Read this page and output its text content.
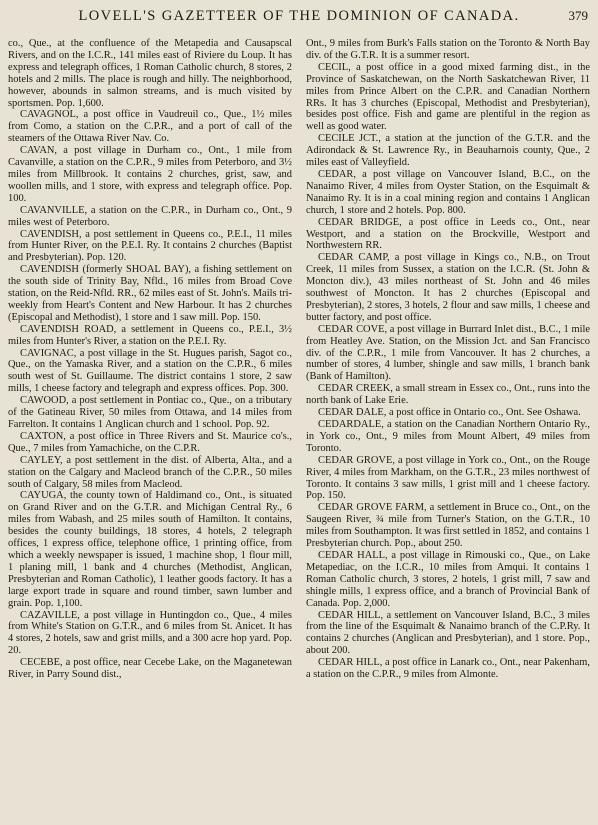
LOVELL'S GAZETTEER OF THE DOMINION OF CANADA.	379

co., Que., at the confluence of the Metapedia and Causapscal Rivers, and on the I.C.R., 141 miles east of Riviere du Loup. It has express and telegraph offices, 1 Roman Catholic church, 8 stores, 2 hotels and 2 mills. The place is rough and hilly. The neighborhood, however, abounds in salmon streams, and is much visited by sportsmen. Pop. 1,600.

CAVAGNOL, a post office in Vaudreuil co., Que., 1½ miles from Como, a station on the C.P.R., and a port of call of the steamers of the Ottawa River Nav. Co.

CAVAN, a post village in Durham co., Ont., 1 mile from Cavanville, a station on the C.P.R., 9 miles from Peterboro, and 3½ miles from Millbrook. It contains 2 churches, grist, saw, and woollen mills, and 1 store, with express and telegraph office. Pop. 100.

CAVANVILLE, a station on the C.P.R., in Durham co., Ont., 9 miles west of Peterboro.

CAVENDISH, a post settlement in Queens co., P.E.I., 11 miles from Hunter River, on the P.E.I. Ry. It contains 2 churches (Baptist and Presbyterian). Pop. 120.

CAVENDISH (formerly SHOAL BAY), a fishing settlement on the south side of Trinity Bay, Nfld., 16 miles from Broad Cove station, on the Reid-Nfld. RR., 62 miles east of St. John's. Mails tri-weekly from Heart's Content and New Harbour. It has 2 churches (Episcopal and Methodist), 1 store and 1 saw mill. Pop. 150.

CAVENDISH ROAD, a settlement in Queens co., P.E.I., 3½ miles from Hunter's River, a station on the P.E.I. Ry.

CAVIGNAC, a post village in the St. Hugues parish, Sagot co., Que., on the Yamaska River, and a station on the C.P.R., 6 miles south west of St. Guillaume. The district contains 1 store, 2 saw mills, 1 cheese factory and telegraph and express offices. Pop. 300.

CAWOOD, a post settlement in Pontiac co., Que., on a tributary of the Gatineau River, 50 miles from Ottawa, and 14 miles from Farrelton. It contains 1 Anglican church and 1 school. Pop. 92.

CAXTON, a post office in Three Rivers and St. Maurice co's., Que., 7 miles from Yamachiche, on the C.P.R.

CAYLEY, a post settlement in the dist. of Alberta, Alta., and a station on the Calgary and Macleod branch of the C.P.R., 50 miles south of Calgary, 58 miles from Macleod.

CAYUGA, the county town of Haldimand co., Ont., is situated on Grand River and on the G.T.R. and Michigan Central Ry., 6 miles from Wabash, and 25 miles south of Hamilton. It contains, besides the county buildings, 18 stores, 4 hotels, 2 telegraph offices, 1 express office, telephone office, 1 printing office, from which a weekly newspaper is issued, 1 machine shop, 1 flour mill, 1 planing mill, 1 bank and 4 churches (Methodist, Anglican, Presbyterian and Roman Catholic), 1 leather goods factory. It has a large export trade in square and round timber, sawn lumber and grain. Pop. 1,100.

CAZAVILLE, a post village in Huntingdon co., Que., 4 miles from White's Station on G.T.R., and 6 miles from St. Anicet. It has 4 stores, 2 hotels, saw and grist mills, and a 300 acre hop yard. Pop. 20.

CECEBE, a post office, near Cecebe Lake, on the Maganetewan River, in Parry Sound dist.,

Ont., 9 miles from Burk's Falls station on the Toronto & North Bay div. of the G.T.R. It is a summer resort.

CECIL, a post office in a good mixed farming dist., in the Province of Saskatchewan, on the North Saskatchewan River, 11 miles from Prince Albert on the C.P.R. and Canadian Northern RRs. It has 3 churches (Episcopal, Methodist and Presbyterian), besides post office. Fish and game are plentiful in the region as well as good water.

CECILE JCT., a station at the junction of the G.T.R. and the Adirondack & St. Lawrence Ry., in Beauharnois county, Que., 2 miles east of Valleyfield.

CEDAR, a post village on Vancouver Island, B.C., on the Nanaimo River, 4 miles from Oyster Station, on the Esquimalt & Nanaimo Ry. It is in a coal mining region and contains 1 Anglican church, 1 store and 2 hotels. Pop. 800.

CEDAR BRIDGE, a post office in Leeds co., Ont., near Westport, and a station on the Brockville, Westport and Northwestern RR.

CEDAR CAMP, a post village in Kings co., N.B., on Trout Creek, 11 miles from Sussex, a station on the I.C.R. (St. John & Moncton div.), 43 miles northeast of St. John and 46 miles southwest of Moncton. It has 2 churches (Episcopal and Presbyterian), 2 stores, 3 hotels, 2 flour and saw mills, 1 cheese and butter factory, and post office.

CEDAR COVE, a post village in Burrard Inlet dist., B.C., 1 mile from Heatley Ave. Station, on the Mission Jct. and San Francisco div. of the C.P.R., 1 mile from Vancouver. It has 2 churches, a number of stores, 4 lumber, shingle and saw mills, 1 branch bank (Bank of Hamilton).

CEDAR CREEK, a small stream in Essex co., Ont., runs into the north bank of Lake Erie.

CEDAR DALE, a post office in Ontario co., Ont. See Oshawa.

CEDARDALE, a station on the Canadian Northern Ontario Ry., in York co., Ont., 9 miles from Mount Albert, 49 miles from Toronto.

CEDAR GROVE, a post village in York co., Ont., on the Rouge River, 4 miles from Markham, on the G.T.R., 23 miles northwest of Toronto. It contains 3 saw mills, 1 grist mill and 1 cheese factory. Pop. 150.

CEDAR GROVE FARM, a settlement in Bruce co., Ont., on the Saugeen River, ¾ mile from Turner's Station, on the G.T.R., 10 miles from Southampton. It was first settled in 1852, and contains 1 Presbyterian church. Pop., about 250.

CEDAR HALL, a post village in Rimouski co., Que., on Lake Metapediac, on the I.C.R., 10 miles from Amqui. It contains 1 Roman Catholic church, 3 stores, 2 hotels, 1 grist mill, 7 saw and shingle mills, 1 express office, and a branch of Provincial Bank of Canada. Pop. 2,000.

CEDAR HILL, a settlement on Vancouver Island, B.C., 3 miles from the line of the Esquimalt & Nanaimo branch of the C.P.Ry. It contains 2 churches (Anglican and Presbyterian), and 1 store. Pop., about 200.

CEDAR HILL, a post office in Lanark co., Ont., near Pakenham, a station on the C.P.R., 9 miles from Almonte.
